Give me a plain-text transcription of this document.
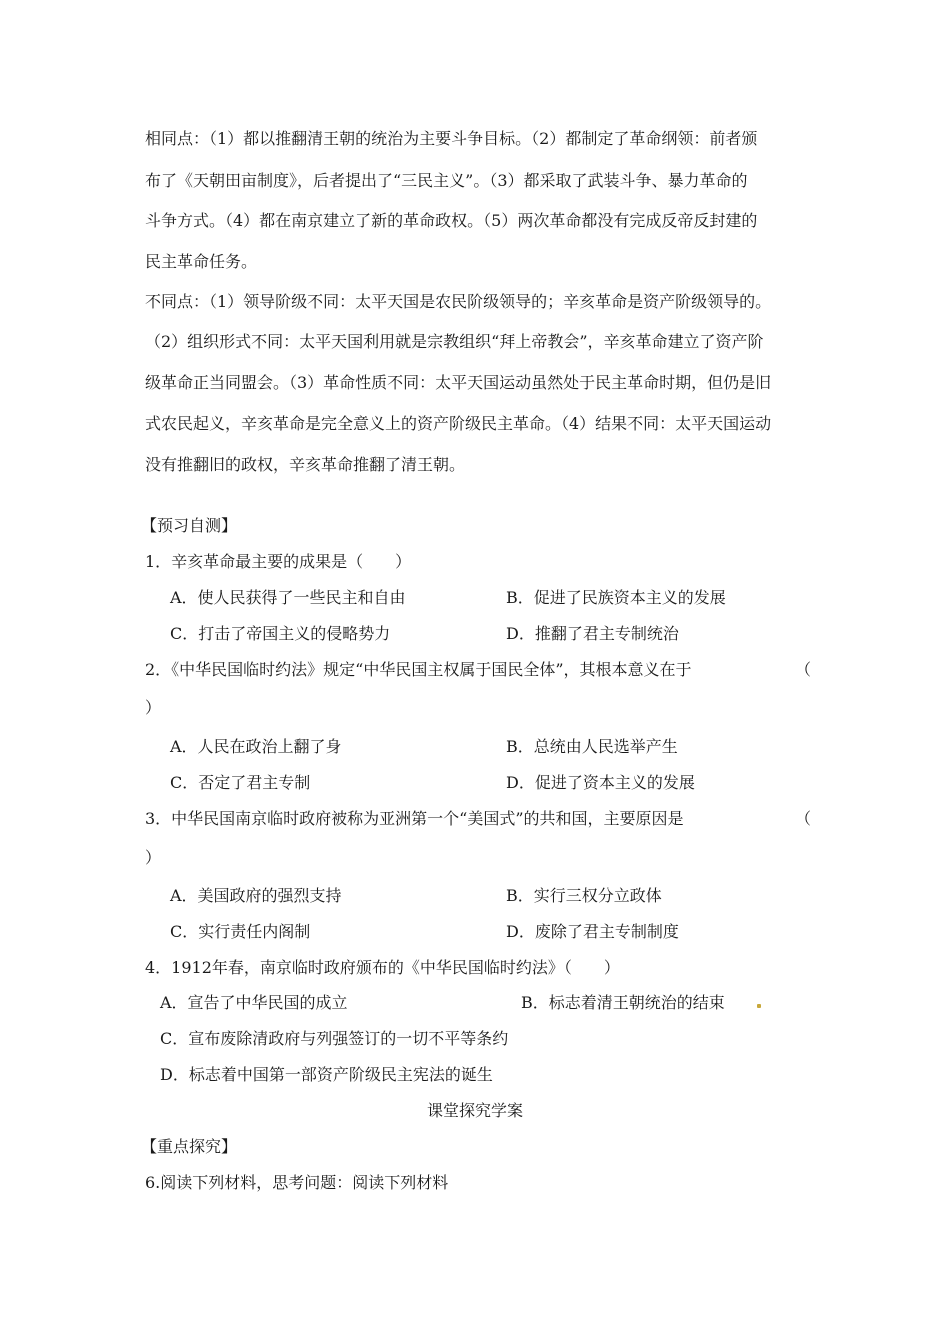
相同点：（1）都以推翻清王朝的统治为主要斗争目标。（2）都制定了革命纲领：前者颁
布了《天朝田亩制度》，后者提出了“三民主义”。（3）都采取了武装斗争、暴力革命的
斗争方式。（4）都在南京建立了新的革命政权。（5）两次革命都没有完成反帝反封建的
民主革命任务。
不同点：（1）领导阶级不同：太平天国是农民阶级领导的；辛亥革命是资产阶级领导的。
（2）组织形式不同：太平天国利用就是宗教组织“拜上帝教会”，辛亥革命建立了资产阶
级革命正当同盟会。（3）革命性质不同：太平天国运动虽然处于民主革命时期，但仍是旧
式农民起义，辛亥革命是完全意义上的资产阶级民主革命。（4）结果不同：太平天国运动
没有推翻旧的政权，辛亥革命推翻了清王朝。
【预习自测】
1．辛亥革命最主要的成果是（　　）
A．使人民获得了一些民主和自由	B．促进了民族资本主义的发展
C．打击了帝国主义的侵略势力	D．推翻了君主专制统治
2．《中华民国临时约法》规定“中华民国主权属于国民全体”，其根本意义在于	（
）
A．人民在政治上翻了身	B．总统由人民选举产生
C．否定了君主专制	D．促进了资本主义的发展
3．中华民国南京临时政府被称为亚洲第一个“美国式”的共和国，主要原因是	（
）
A．美国政府的强烈支持	B．实行三权分立政体
C．实行责任内阁制	D．废除了君主专制制度
4．1912年春，南京临时政府颁布的《中华民国临时约法》（　　）
A．宣告了中华民国的成立	B．标志着清王朝统治的结束
C．宣布废除清政府与列强签订的一切不平等条约
D．标志着中国第一部资产阶级民主宪法的诞生
课堂探究学案
【重点探究】
6.阅读下列材料，思考问题：阅读下列材料
